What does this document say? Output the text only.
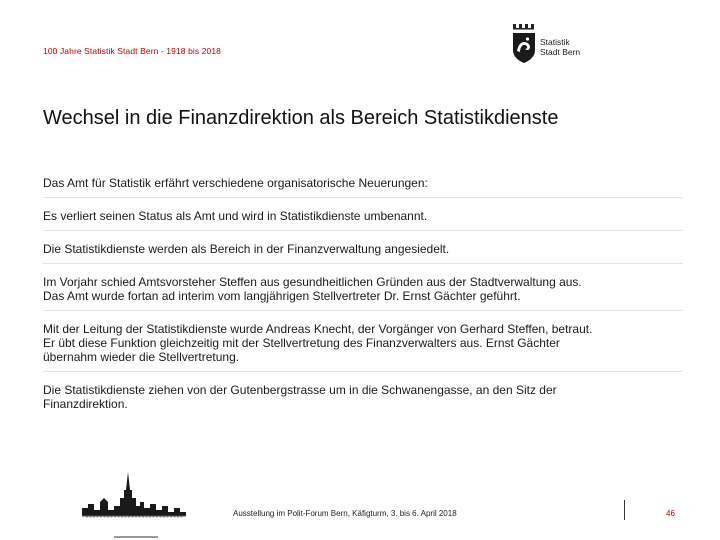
100 Jahre Statistik Stadt Bern - 1918 bis 2018
Statistik
Stadt Bern
Wechsel in die Finanzdirektion als Bereich Statistikdienste
Das Amt für Statistik erfährt verschiedene organisatorische Neuerungen:
Es verliert seinen Status als Amt und wird in Statistikdienste umbenannt.
Die Statistikdienste werden als Bereich in der Finanzverwaltung angesiedelt.
Im Vorjahr schied Amtsvorsteher Steffen aus gesundheitlichen Gründen aus der Stadtverwaltung aus.
Das Amt wurde fortan ad interim vom langjährigen Stellvertreter Dr. Ernst Gächter geführt.
Mit der Leitung der Statistikdienste wurde Andreas Knecht, der Vorgänger von Gerhard Steffen, betraut.
Er übt diese Funktion gleichzeitig mit der Stellvertretung des Finanzverwalters aus. Ernst Gächter
übernahm wieder die Stellvertretung.
Die Statistikdienste ziehen von der Gutenbergstrasse um in die Schwanengasse, an den Sitz der
Finanzdirektion.
Ausstellung im Polit-Forum Bern, Käfigturm, 3. bis 6. April 2018	46
